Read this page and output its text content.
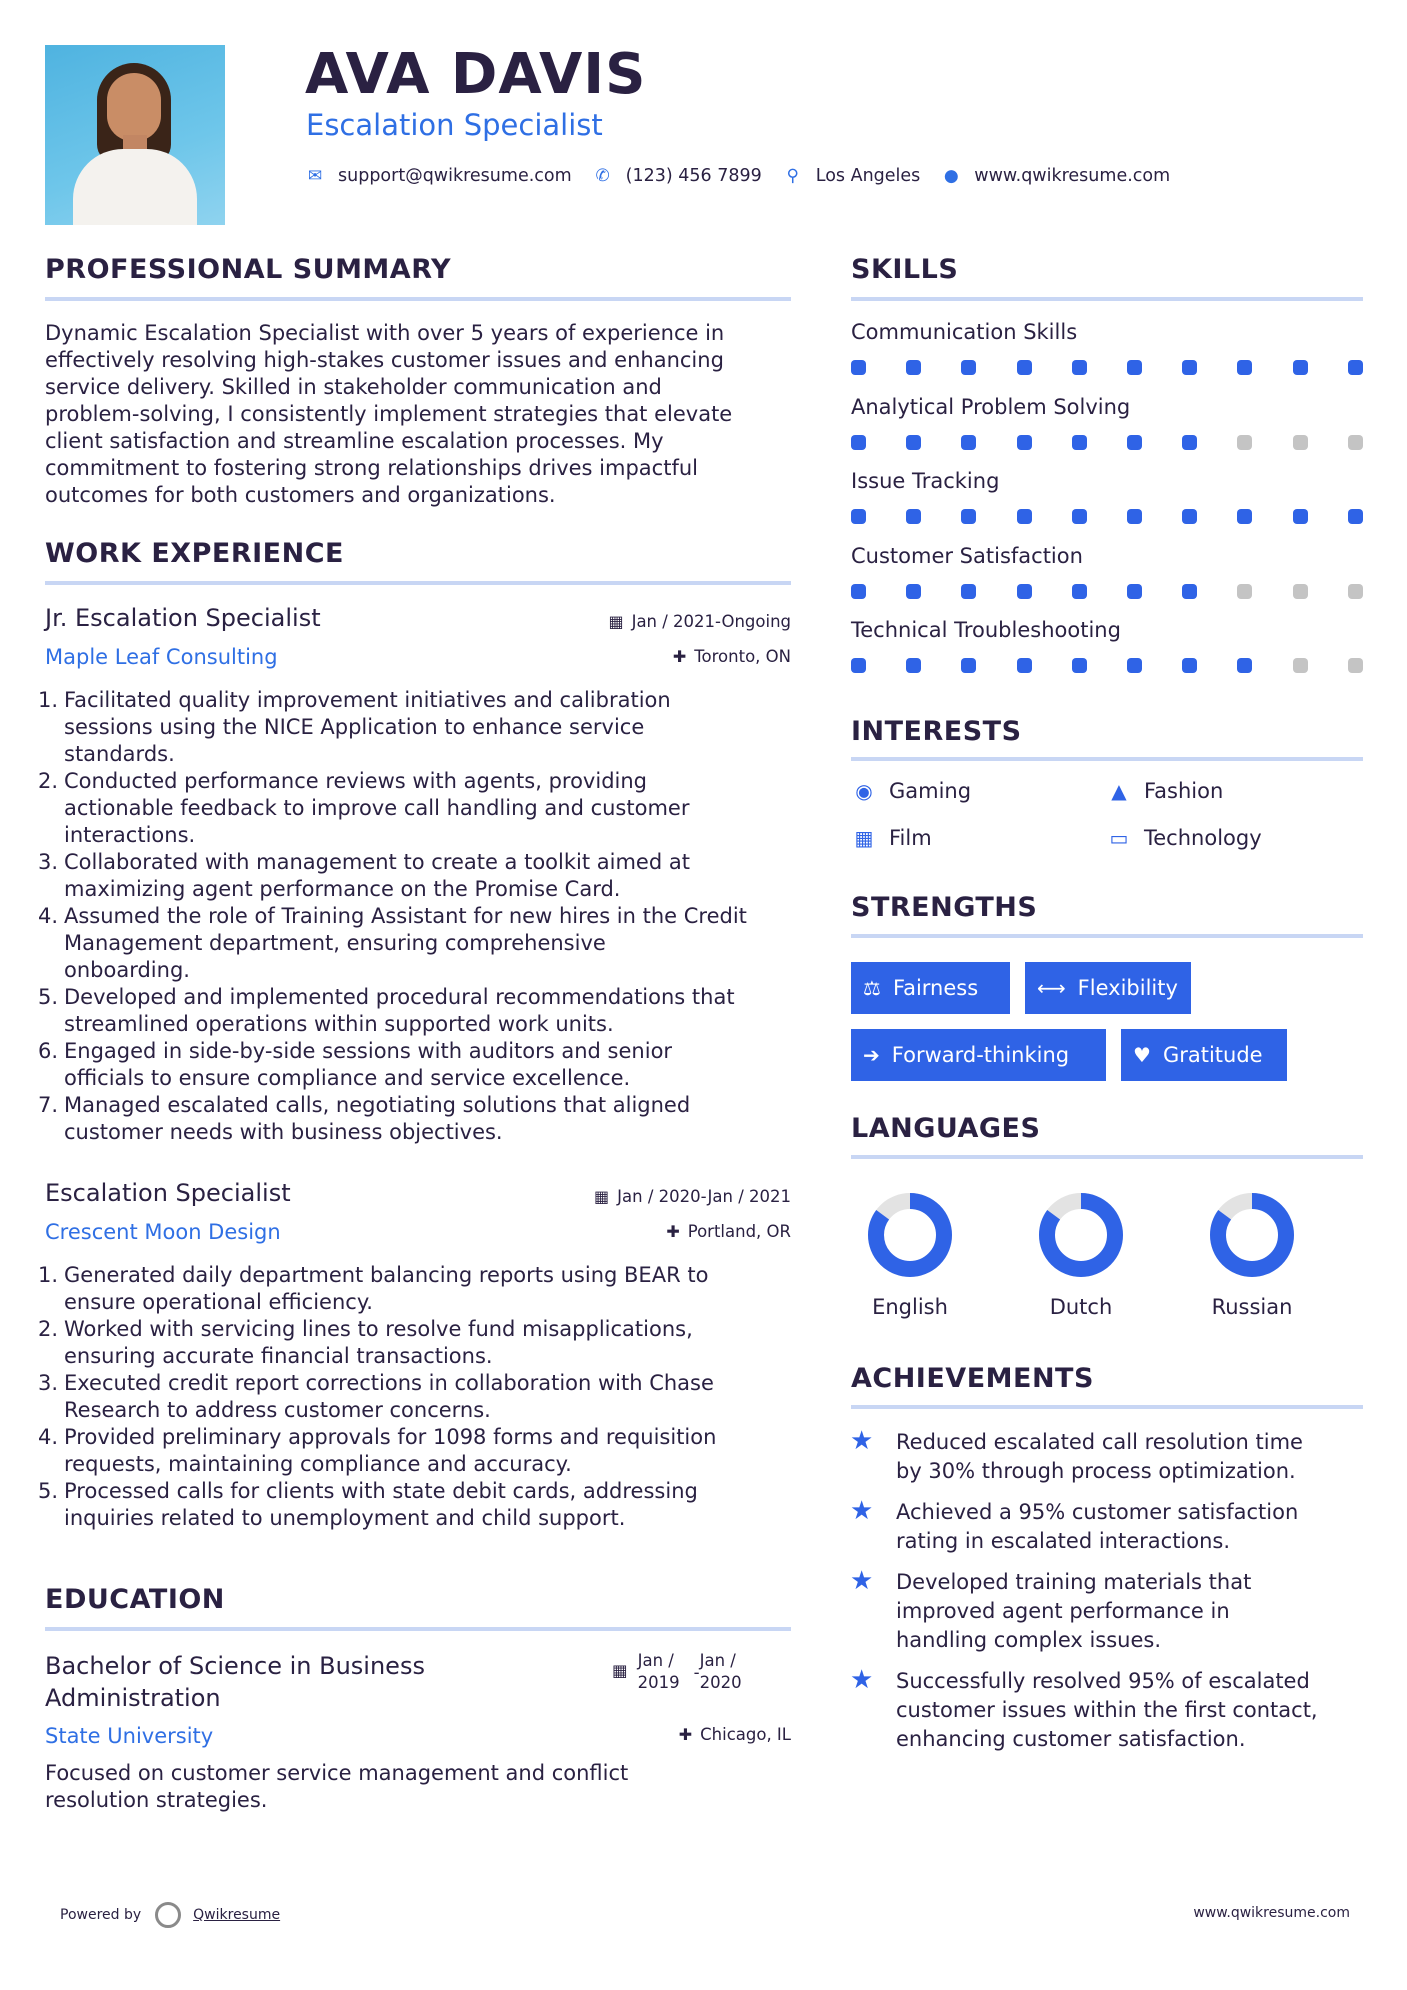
AVA DAVIS
Escalation Specialist
✉ support@qwikresume.com ✆ (123) 456 7899 ⚲ Los Angeles ● www.qwikresume.com
PROFESSIONAL SUMMARY
Dynamic Escalation Specialist with over 5 years of experience in
effectively resolving high-stakes customer issues and enhancing
service delivery. Skilled in stakeholder communication and
problem-solving, I consistently implement strategies that elevate
client satisfaction and streamline escalation processes. My
commitment to fostering strong relationships drives impactful
outcomes for both customers and organizations.
WORK EXPERIENCE
Jr. Escalation Specialist	▦ Jan / 2021-Ongoing
Maple Leaf Consulting	✚ Toronto, ON
1. Facilitated quality improvement initiatives and calibration
sessions using the NICE Application to enhance service
standards.
2. Conducted performance reviews with agents, providing
actionable feedback to improve call handling and customer
interactions.
3. Collaborated with management to create a toolkit aimed at
maximizing agent performance on the Promise Card.
4. Assumed the role of Training Assistant for new hires in the Credit
Management department, ensuring comprehensive
onboarding.
5. Developed and implemented procedural recommendations that
streamlined operations within supported work units.
6. Engaged in side-by-side sessions with auditors and senior
officials to ensure compliance and service excellence.
7. Managed escalated calls, negotiating solutions that aligned
customer needs with business objectives.
Escalation Specialist	▦ Jan / 2020-Jan / 2021
Crescent Moon Design	✚ Portland, OR
1. Generated daily department balancing reports using BEAR to
ensure operational efficiency.
2. Worked with servicing lines to resolve fund misapplications,
ensuring accurate financial transactions.
3. Executed credit report corrections in collaboration with Chase
Research to address customer concerns.
4. Provided preliminary approvals for 1098 forms and requisition
requests, maintaining compliance and accuracy.
5. Processed calls for clients with state debit cards, addressing
inquiries related to unemployment and child support.
EDUCATION
Bachelor of Science in Business
Administration
▦
Jan /
2019
-
Jan /
2020
State University	✚ Chicago, IL
Focused on customer service management and conflict
resolution strategies.
SKILLS
Communication Skills
Analytical Problem Solving
Issue Tracking
Customer Satisfaction
Technical Troubleshooting
INTERESTS
◉ Gaming	▲ Fashion
▦ Film	▭ Technology
STRENGTHS
⚖ Fairness	⟷ Flexibility
➔ Forward-thinking	♥ Gratitude
LANGUAGES
English	Dutch	Russian
ACHIEVEMENTS
★ Reduced escalated call resolution time
by 30% through process optimization.
★ Achieved a 95% customer satisfaction
rating in escalated interactions.
★ Developed training materials that
improved agent performance in
handling complex issues.
★ Successfully resolved 95% of escalated
customer issues within the first contact,
enhancing customer satisfaction.
Powered by	Qwikresume	www.qwikresume.com
